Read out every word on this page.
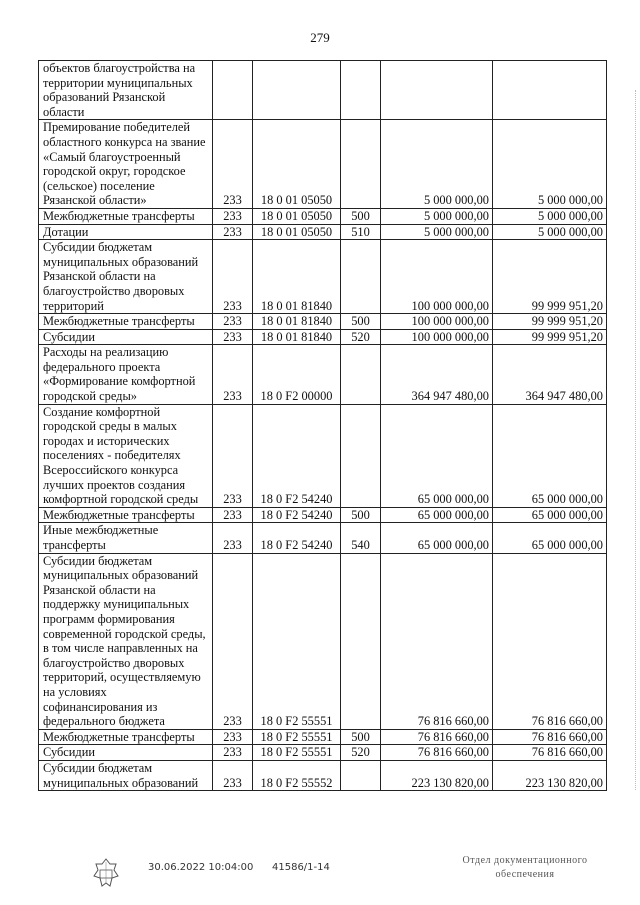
279
объектов благоустройства на территории муниципальных образований Рязанской области					
Премирование победителей областного конкурса на звание «Самый благоустроенный городской округ, городское (сельское) поселение Рязанской области»	233	18 0 01 05050		5 000 000,00	5 000 000,00
Межбюджетные трансферты	233	18 0 01 05050	500	5 000 000,00	5 000 000,00
Дотации	233	18 0 01 05050	510	5 000 000,00	5 000 000,00
Субсидии бюджетам муниципальных образований Рязанской области на благоустройство дворовых территорий	233	18 0 01 81840		100 000 000,00	99 999 951,20
Межбюджетные трансферты	233	18 0 01 81840	500	100 000 000,00	99 999 951,20
Субсидии	233	18 0 01 81840	520	100 000 000,00	99 999 951,20
Расходы на реализацию федерального проекта «Формирование комфортной городской среды»	233	18 0 F2 00000		364 947 480,00	364 947 480,00
Создание комфортной городской среды в малых городах и исторических поселениях - победителях Всероссийского конкурса лучших проектов создания комфортной городской среды	233	18 0 F2 54240		65 000 000,00	65 000 000,00
Межбюджетные трансферты	233	18 0 F2 54240	500	65 000 000,00	65 000 000,00
Иные межбюджетные трансферты	233	18 0 F2 54240	540	65 000 000,00	65 000 000,00
Субсидии бюджетам муниципальных образований Рязанской области на поддержку муниципальных программ формирования современной городской среды, в том числе направленных на благоустройство дворовых территорий, осуществляемую на условиях софинансирования из федерального бюджета	233	18 0 F2 55551		76 816 660,00	76 816 660,00
Межбюджетные трансферты	233	18 0 F2 55551	500	76 816 660,00	76 816 660,00
Субсидии	233	18 0 F2 55551	520	76 816 660,00	76 816 660,00
Субсидии бюджетам муниципальных образований	233	18 0 F2 55552		223 130 820,00	223 130 820,00
30.06.2022 10:04:00 41586/1-14
Отдел документационного обеспечения
